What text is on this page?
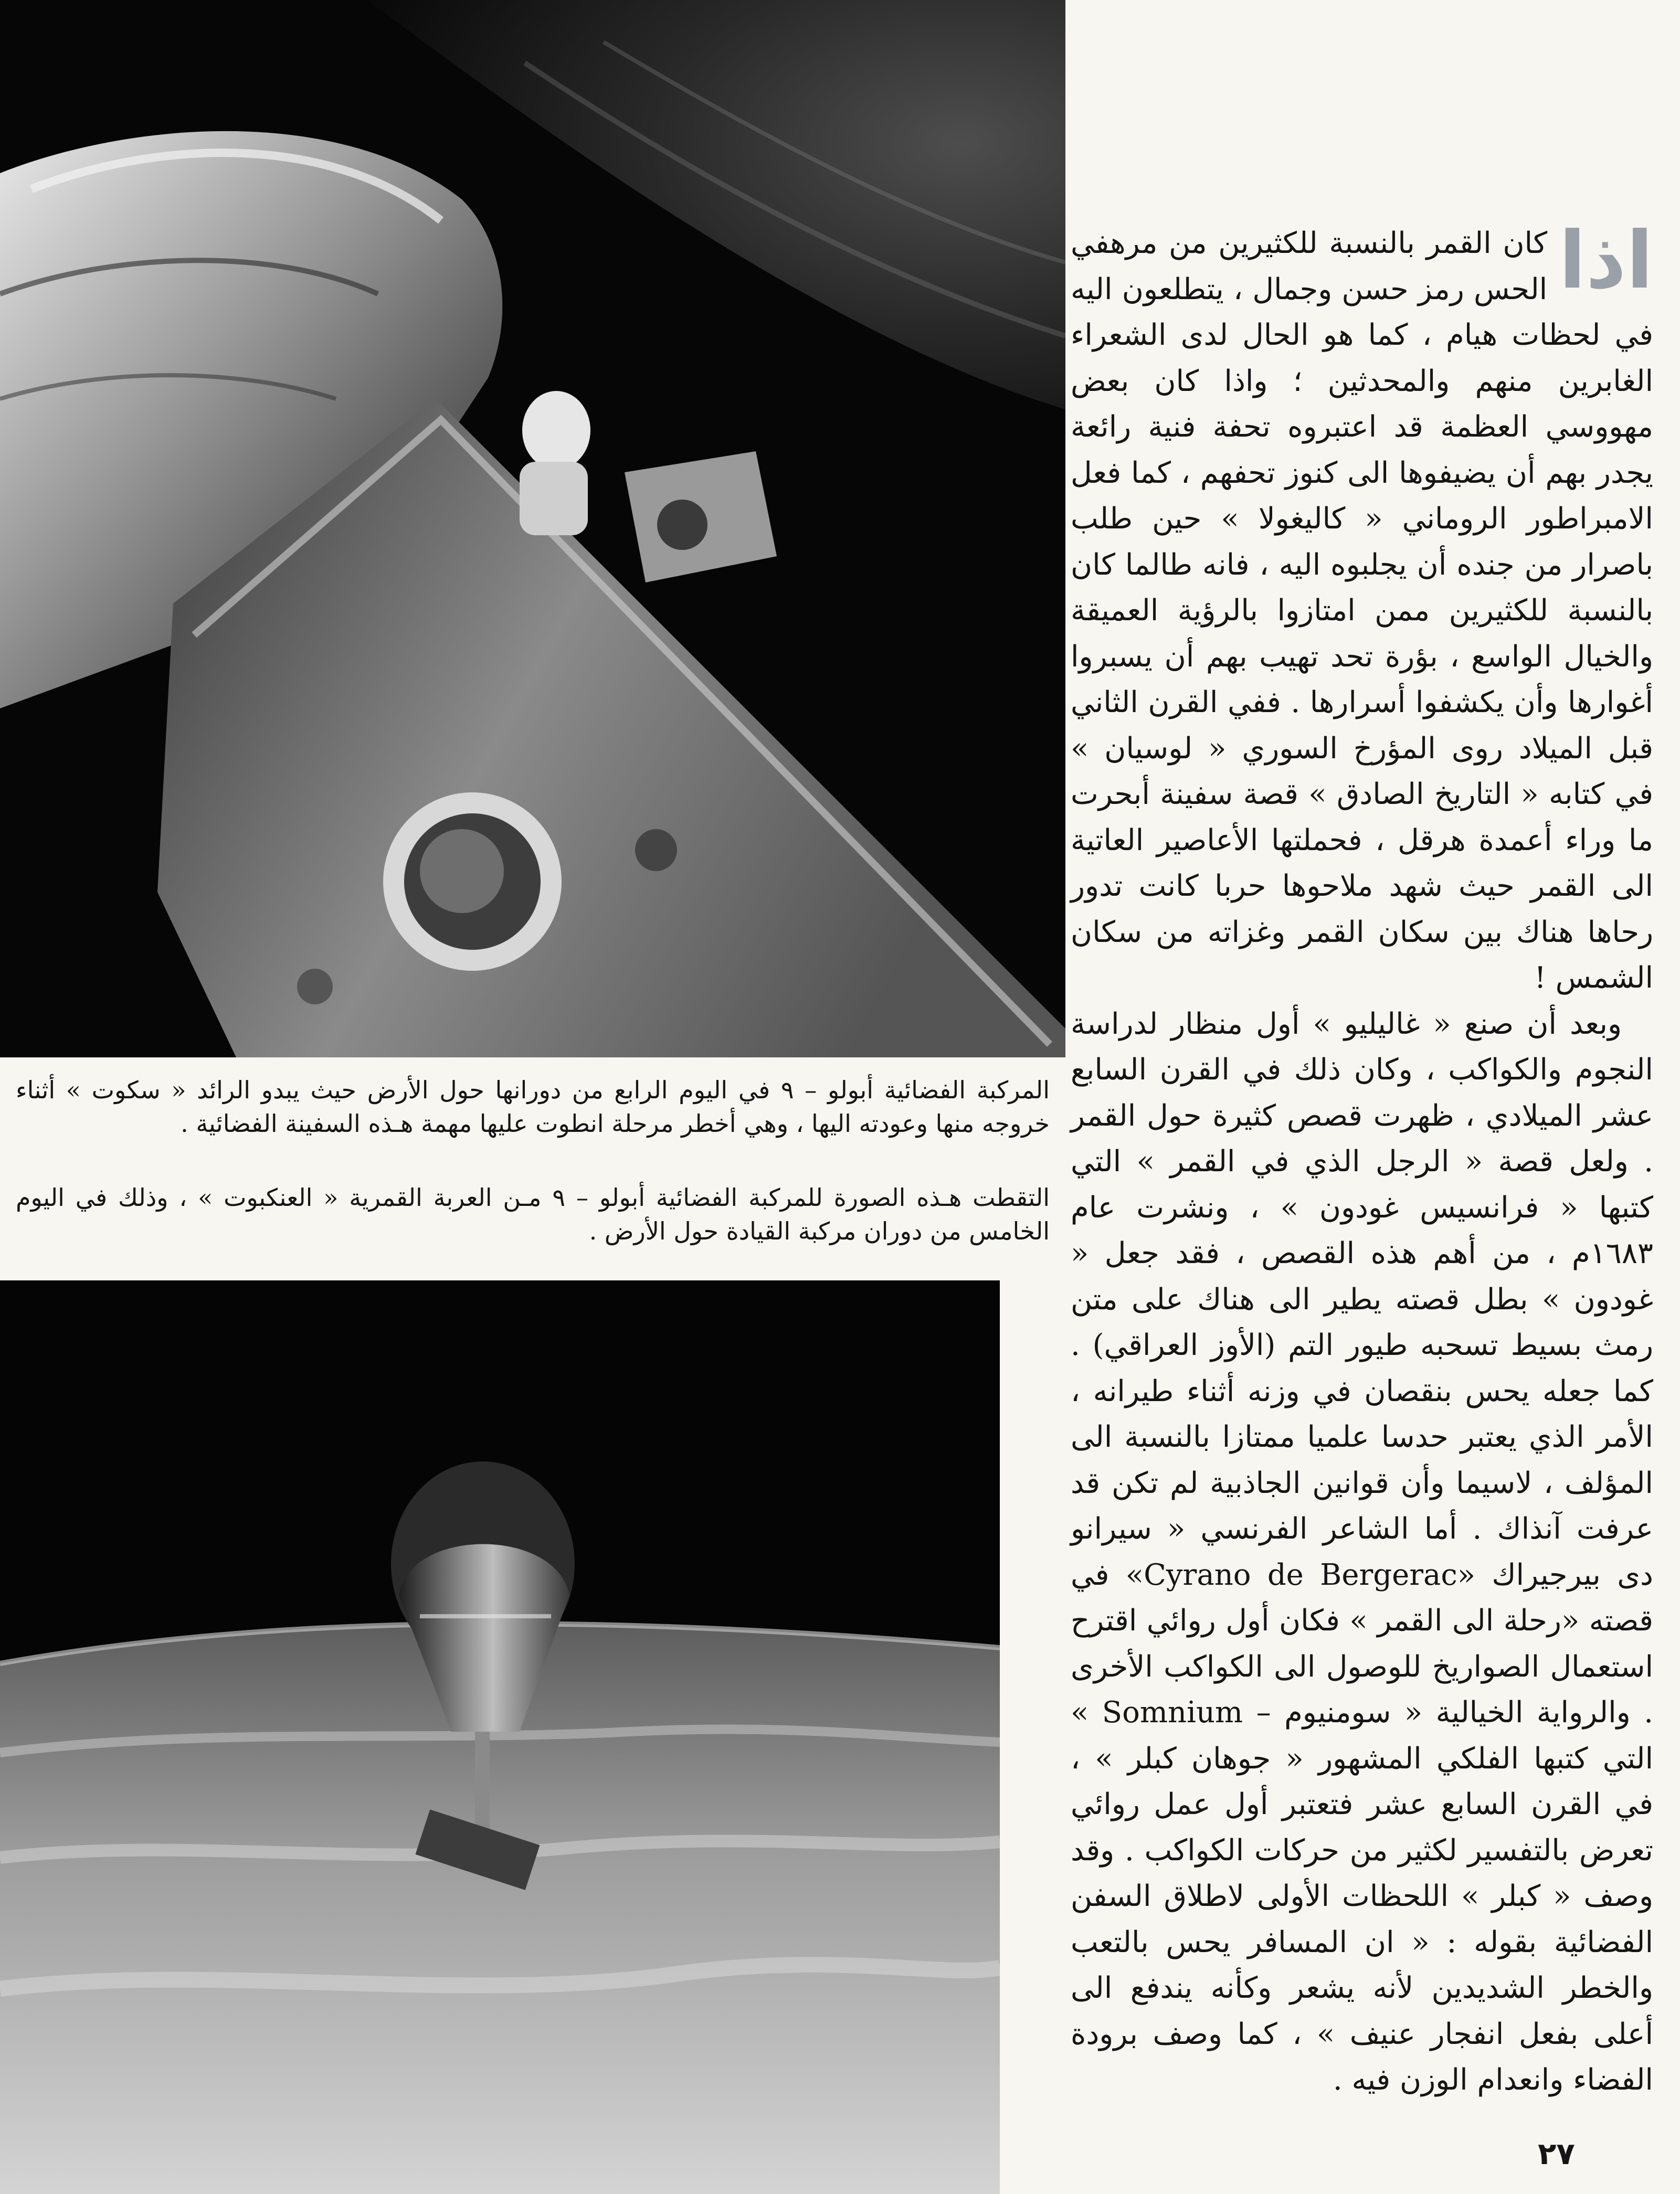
المركبة الفضائية أبولو – ٩ في اليوم الرابع من دورانها حول الأرض حيث يبدو الرائد « سكوت » أثناء خروجه منها وعودته اليها ، وهي أخطر مرحلة انطوت عليها مهمة هـذه السفينة الفضائية .

التقطت هـذه الصورة للمركبة الفضائية أبولو – ٩ مـن العربة القمرية « العنكبوت » ، وذلك في اليوم الخامس من دوران مركبة القيادة حول الأرض .

اذا
كان القمر بالنسبة للكثيرين من مرهفي الحس رمز حسن وجمال ، يتطلعون اليه في لحظات هيام ، كما هو الحال لدى الشعراء الغابرين منهم والمحدثين ؛ واذا كان بعض مهووسي العظمة قد اعتبروه تحفة فنية رائعة يجدر بهم أن يضيفوها الى كنوز تحفهم ، كما فعل الامبراطور الروماني « كاليغولا » حين طلب باصرار من جنده أن يجلبوه اليه ، فانه طالما كان بالنسبة للكثيرين ممن امتازوا بالرؤية العميقة والخيال الواسع ، بؤرة تحد تهيب بهم أن يسبروا أغوارها وأن يكشفوا أسرارها . ففي القرن الثاني قبل الميلاد روى المؤرخ السوري « لوسيان » في كتابه « التاريخ الصادق » قصة سفينة أبحرت ما وراء أعمدة هرقل ، فحملتها الأعاصير العاتية الى القمر حيث شهد ملاحوها حربا كانت تدور رحاها هناك بين سكان القمر وغزاته من سكان الشمس !

وبعد أن صنع « غاليليو » أول منظار لدراسة النجوم والكواكب ، وكان ذلك في القرن السابع عشر الميلادي ، ظهرت قصص كثيرة حول القمر . ولعل قصة « الرجل الذي في القمر » التي كتبها « فرانسيس غودون » ، ونشرت عام ١٦٨٣م ، من أهم هذه القصص ، فقد جعل « غودون » بطل قصته يطير الى هناك على متن رمث بسيط تسحبه طيور التم (الأوز العراقي) . كما جعله يحس بنقصان في وزنه أثناء طيرانه ، الأمر الذي يعتبر حدسا علميا ممتازا بالنسبة الى المؤلف ، لاسيما وأن قوانين الجاذبية لم تكن قد عرفت آنذاك . أما الشاعر الفرنسي « سيرانو دى بيرجيراك «Cyrano de Bergerac» في قصته «رحلة الى القمر » فكان أول روائي اقترح استعمال الصواريخ للوصول الى الكواكب الأخرى . والرواية الخيالية « سومنيوم – Somnium » التي كتبها الفلكي المشهور « جوهان كبلر » ، في القرن السابع عشر فتعتبر أول عمل روائي تعرض بالتفسير لكثير من حركات الكواكب . وقد وصف « كبلر » اللحظات الأولى لاطلاق السفن الفضائية بقوله : « ان المسافر يحس بالتعب والخطر الشديدين لأنه يشعر وكأنه يندفع الى أعلى بفعل انفجار عنيف » ، كما وصف برودة الفضاء وانعدام الوزن فيه .

٢٧
